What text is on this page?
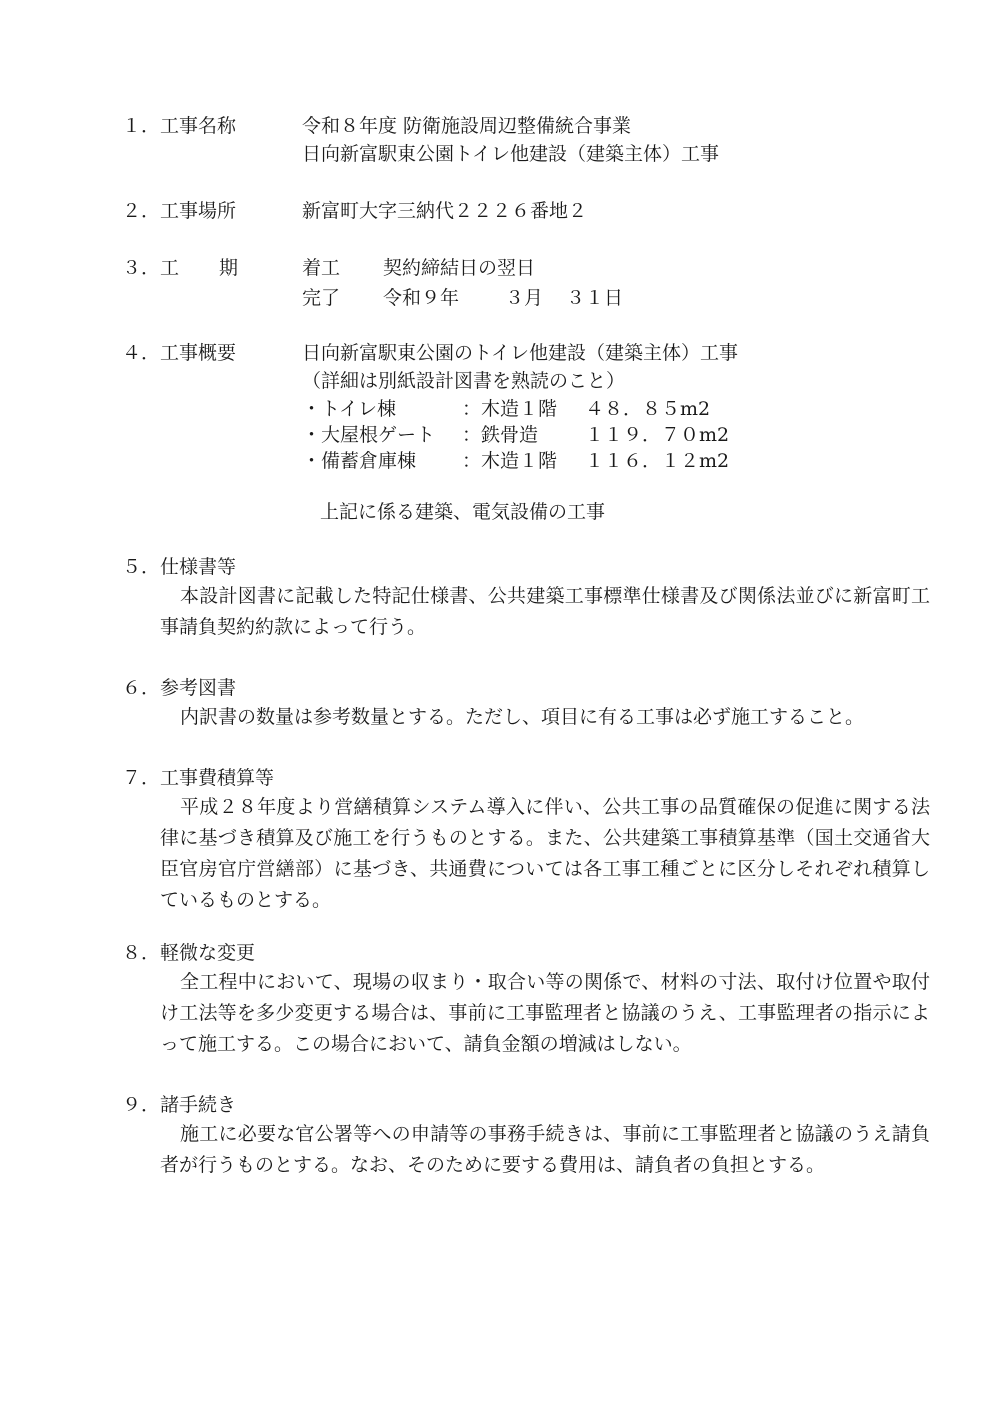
１． 工事名称	令和８年度 防衛施設周辺整備統合事業
日向新富駅東公園トイレ他建設（建築主体）工事
２． 工事場所	新富町大字三納代２２２６番地２
３． 工 期	着工 契約締結日の翌日
完了 令和９年 ３月 ３１日
４． 工事概要	日向新富駅東公園のトイレ他建設（建築主体）工事
（詳細は別紙設計図書を熟読のこと）
・トイレ棟	：木造１階 ４８．８５m2
・大屋根ゲート ：鉄骨造 １１９．７０m2
・備蓄倉庫棟 ：木造１階 １１６．１２m2
上記に係る建築、電気設備の工事
５． 仕様書等
本設計図書に記載した特記仕様書、公共建築工事標準仕様書及び関係法並びに新富町工事請負契約約款によって行う。
６． 参考図書
内訳書の数量は参考数量とする。ただし、項目に有る工事は必ず施工すること。
７． 工事費積算等
平成２８年度より営繕積算システム導入に伴い、公共工事の品質確保の促進に関する法律に基づき積算及び施工を行うものとする。また、公共建築工事積算基準（国土交通省大臣官房官庁営繕部）に基づき、共通費については各工事工種ごとに区分しそれぞれ積算しているものとする。
８． 軽微な変更
全工程中において、現場の収まり・取合い等の関係で、材料の寸法、取付け位置や取付け工法等を多少変更する場合は、事前に工事監理者と協議のうえ、工事監理者の指示によって施工する。この場合において、請負金額の増減はしない。
９． 諸手続き
施工に必要な官公署等への申請等の事務手続きは、事前に工事監理者と協議のうえ請負者が行うものとする。なお、そのために要する費用は、請負者の負担とする。
